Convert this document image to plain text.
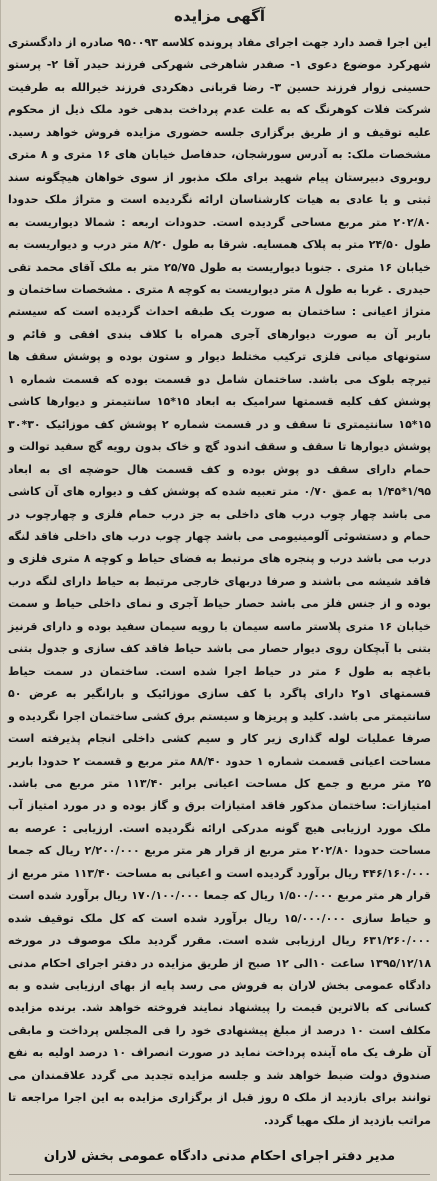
آگهی مزایده

این اجرا قصد دارد جهت اجرای مفاد پرونده کلاسه ۹۵۰۰۹۳ صادره از دادگستری شهرکرد موضوع دعوی ۱- صفدر شاهرخی شهرکی فرزند حیدر آقا ۲- پرستو حسینی زوار فرزند حسین ۳- رضا قربانی دهکردی فرزند خیرالله به طرفیت شرکت فلات کوهرنگ که به علت عدم پرداخت بدهی خود ملک ذیل از محکوم علیه توقیف و از طریق برگزاری جلسه حضوری مزایده فروش خواهد رسید. مشخصات ملک: به آدرس سورشجان، حدفاصل خیابان های ۱۶ متری و ۸ متری روبروی دبیرستان پیام شهید برای ملک مذبور از سوی خواهان هیچگونه سند ثبتی و یا عادی به هیات کارشناسان ارائه نگردیده است و متراژ ملک حدودا ۲۰۲/۸۰ متر مربع مساحی گردیده است. حدودات اربعه : شمالا دیواریست به طول ۲۴/۵۰ متر به پلاک همسایه. شرقا به طول ۸/۲۰ متر درب و دیواریست به خیابان ۱۶ متری . جنوبا دیواریست به طول ۲۵/۷۵ متر به ملک آقای محمد تقی حیدری . غربا به طول ۸ متر دیواریست به کوچه ۸ متری . مشخصات ساختمان و متراژ اعیانی : ساختمان به صورت یک طبقه احداث گردیده است که سیستم باربر آن به صورت دیوارهای آجری همراه با کلاف بندی افقی و قائم و ستونهای میانی فلزی ترکیب مختلط دیوار و ستون بوده و پوشش سقف ها تیرچه بلوک می باشد. ساختمان شامل دو قسمت بوده که قسمت شماره ۱ پوشش کف کلیه قسمتها سرامیک به ابعاد ۱۵*۱۵ سانتیمتر و دیوارها کاشی ۱۵*۱۵ سانتیمتری تا سقف و در قسمت شماره ۲ پوشش کف موزائیک ۳۰*۳۰ پوشش دیوارها تا سقف و سقف اندود گچ و خاک بدون رویه گچ سفید توالت و حمام دارای سقف دو پوش بوده و کف قسمت هال حوضچه ای به ابعاد ۱/۹۵*۱/۴۵ به عمق ۰/۷۰ متر تعبیه شده که پوشش کف و دیواره های آن کاشی می باشد چهار چوب درب های داخلی به جز درب حمام فلزی و چهارچوب در حمام و دستشوئی آلومینیومی می باشد چهار چوب درب های داخلی فاقد لنگه درب می باشد درب و پنجره های مرتبط به فضای حیاط و کوچه ۸ متری فلزی و فاقد شیشه می باشند و صرفا دربهای خارجی مرتبط به حیاط دارای لنگه درب بوده و از جنس فلز می باشد حصار حیاط آجری و نمای داخلی حیاط و سمت خیابان ۱۶ متری پلاستر ماسه سیمان با رویه سیمان سفید بوده و دارای قرنیز بتنی با آبچکان روی دیوار حصار می باشد حیاط فاقد کف سازی و جدول بتنی باغچه به طول ۶ متر در حیاط اجرا شده است. ساختمان در سمت حیاط قسمتهای ۱و۲ دارای پاگرد با کف سازی موزائیک و بارانگیر به عرض ۵۰ سانتیمتر می باشد. کلید و پریزها و سیستم برق کشی ساختمان اجرا نگردیده و صرفا عملیات لوله گذاری زیر کار و سیم کشی داخلی انجام پذیرفته است مساحت اعیانی قسمت شماره ۱ حدود ۸۸/۴۰ متر مربع و قسمت ۲ حدودا باربر ۲۵ متر مربع و جمع کل مساحت اعیانی برابر ۱۱۳/۴۰ متر مربع می باشد. امتیازات: ساختمان مذکور فاقد امتیازات برق و گاز بوده و در مورد امتیاز آب ملک مورد ارزیابی هیچ گونه مدرکی ارائه نگردیده است. ارزیابی : عرصه به مساحت حدودا ۲۰۲/۸۰ متر مربع از قرار هر متر مربع ۲/۲۰۰/۰۰۰ ریال که جمعا ۴۴۶/۱۶۰/۰۰۰ ریال برآورد گردیده است و اعیانی به مساحت ۱۱۳/۴۰ متر مربع از قرار هر متر مربع ۱/۵۰۰/۰۰۰ ریال که جمعا ۱۷۰/۱۰۰/۰۰۰ ریال برآورد شده است و حیاط سازی ۱۵/۰۰۰/۰۰۰ ریال برآورد شده است که کل ملک توقیف شده ۶۳۱/۲۶۰/۰۰۰ ریال ارزیابی شده است. مقرر گردید ملک موصوف در مورخه ۱۳۹۵/۱۲/۱۸ ساعت ۱۰الی ۱۲ صبح از طریق مزایده در دفتر اجرای احکام مدنی دادگاه عمومی بخش لاران به فروش می رسد پایه از بهای ارزیابی شده و به کسانی که بالاترین قیمت را پیشنهاد نمایند فروخته خواهد شد. برنده مزایده مکلف است ۱۰ درصد از مبلغ پیشنهادی خود را فی المجلس پرداخت و مابقی آن ظرف یک ماه آینده پرداخت نماید در صورت انصراف ۱۰ درصد اولیه به نفع صندوق دولت ضبط خواهد شد و جلسه مزایده تجدید می گردد علاقمندان می توانند برای بازدید از ملک ۵ روز قبل از برگزاری مزایده به این اجرا مراجعه تا مراتب بازدید از ملک مهیا گردد.

مدیر دفتر اجرای احکام مدنی دادگاه عمومی بخش لاران
